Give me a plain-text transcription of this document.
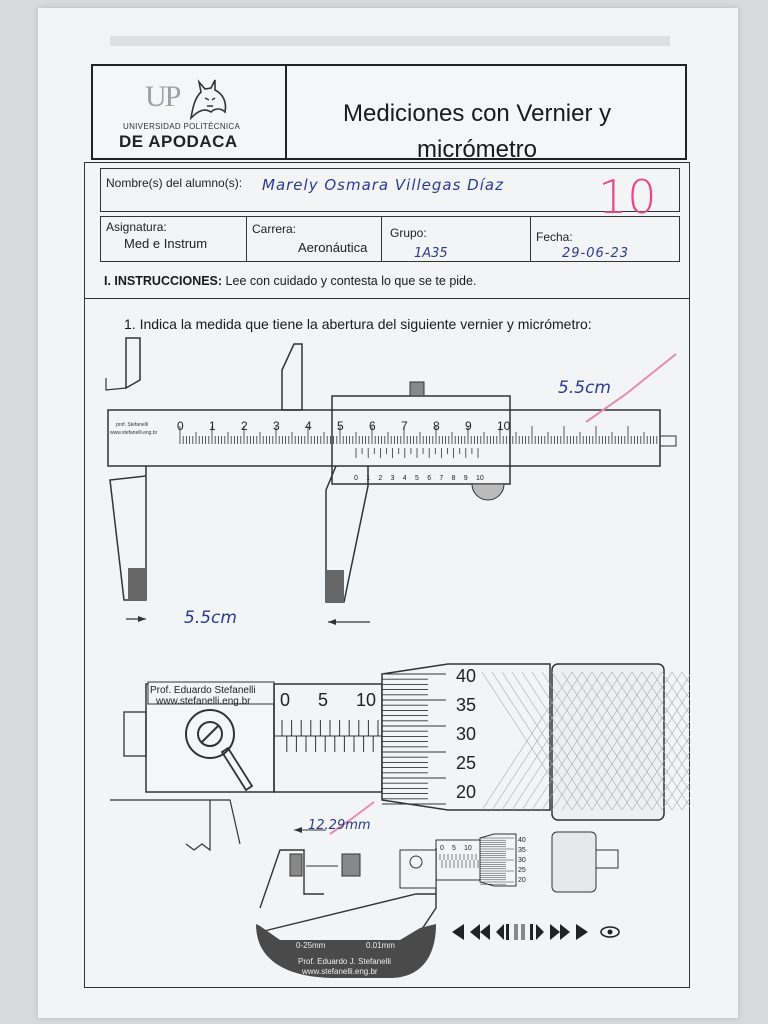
UP
UNIVERSIDAD POLITÉCNICA
DE APODACA
Mediciones con Vernier y
micrómetro
Nombre(s) del alumno(s): Marely Osmara Villegas Díaz 10
Asignatura:
Med e Instrum
Carrera:
Aeronáutica
Grupo:
1A35
Fecha:
29-06-23
I. INSTRUCCIONES: Lee con cuidado y contesta lo que se te pide.
1. Indica la medida que tiene la abertura del siguiente vernier y micrómetro:
prof. Stefanelli
www.stefanelli.eng.br 0 1 2 3 4 5 6 7 8 9 10
0 1 2 3 4 5 6 7 8 9 10
5.5cm
5.5cm
Prof. Eduardo Stefanelli
www.stefanelli.eng.br 0 5 10
40
35
30
25
20
12.29mm
0 5 10
40
35
30
25
20
0-25mm	0.01mm
Prof. Eduardo J. Stefanelli
www.stefanelli.eng.br
